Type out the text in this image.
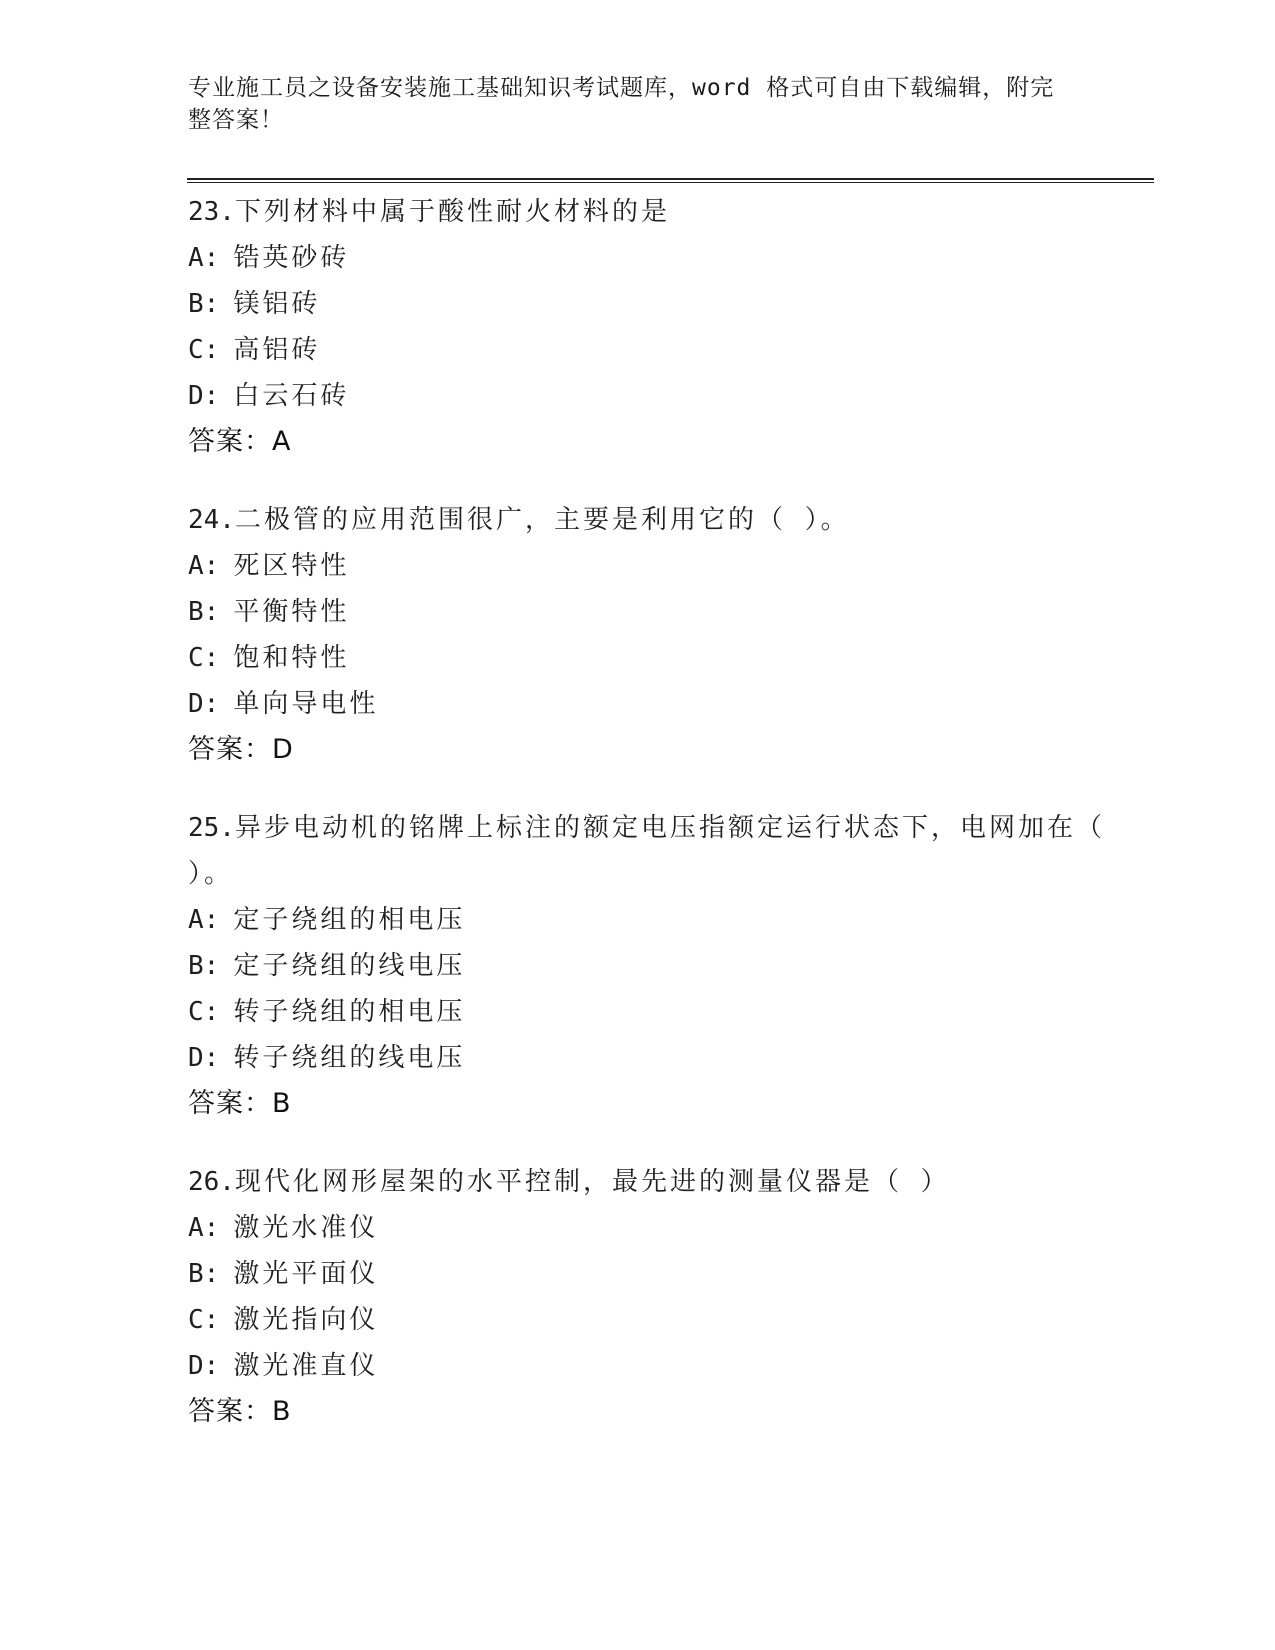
专业施工员之设备安装施工基础知识考试题库，word 格式可自由下载编辑，附完
整答案！
23.下列材料中属于酸性耐火材料的是
A: 锆英砂砖
B: 镁铝砖
C: 高铝砖
D: 白云石砖
答案：A
24.二极管的应用范围很广，主要是利用它的（ ）。
A: 死区特性
B: 平衡特性
C: 饱和特性
D: 单向导电性
答案：D
25.异步电动机的铭牌上标注的额定电压指额定运行状态下，电网加在（ ）。
A: 定子绕组的相电压
B: 定子绕组的线电压
C: 转子绕组的相电压
D: 转子绕组的线电压
答案：B
26.现代化网形屋架的水平控制，最先进的测量仪器是（ ）
A: 激光水准仪
B: 激光平面仪
C: 激光指向仪
D: 激光准直仪
答案：B
